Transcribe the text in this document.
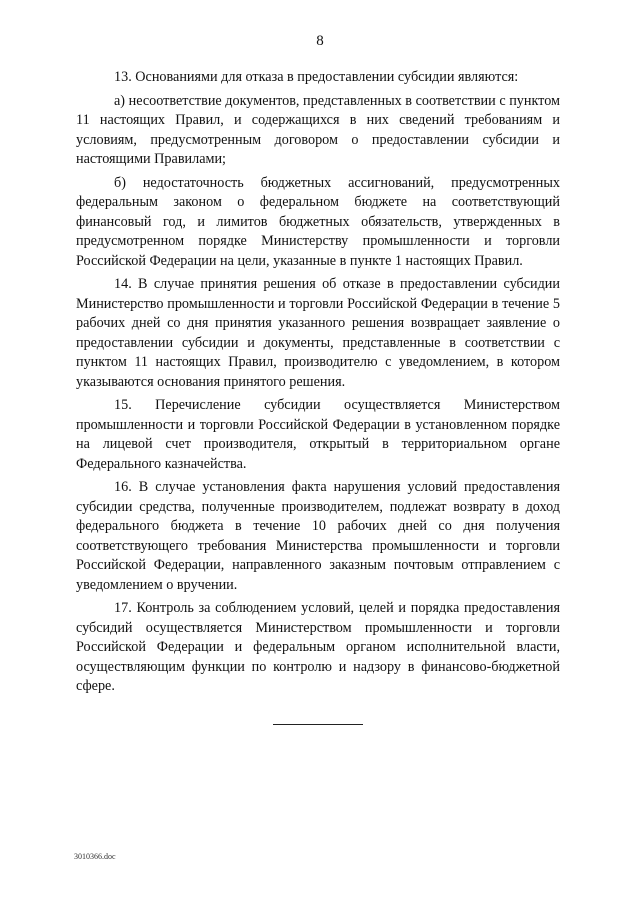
8

13. Основаниями для отказа в предоставлении субсидии являются:

а) несоответствие документов, представленных в соответствии с пунктом 11 настоящих Правил, и содержащихся в них сведений требованиям и условиям, предусмотренным договором о предоставлении субсидии и настоящими Правилами;

б) недостаточность бюджетных ассигнований, предусмотренных федеральным законом о федеральном бюджете на соответствующий финансовый год, и лимитов бюджетных обязательств, утвержденных в предусмотренном порядке Министерству промышленности и торговли Российской Федерации на цели, указанные в пункте 1 настоящих Правил.

14. В случае принятия решения об отказе в предоставлении субсидии Министерство промышленности и торговли Российской Федерации в течение 5 рабочих дней со дня принятия указанного решения возвращает заявление о предоставлении субсидии и документы, представленные в соответствии с пунктом 11 настоящих Правил, производителю с уведомлением, в котором указываются основания принятого решения.

15. Перечисление субсидии осуществляется Министерством промышленности и торговли Российской Федерации в установленном порядке на лицевой счет производителя, открытый в территориальном органе Федерального казначейства.

16. В случае установления факта нарушения условий предоставления субсидии средства, полученные производителем, подлежат возврату в доход федерального бюджета в течение 10 рабочих дней со дня получения соответствующего требования Министерства промышленности и торговли Российской Федерации, направленного заказным почтовым отправлением с уведомлением о вручении.

17. Контроль за соблюдением условий, целей и порядка предоставления субсидий осуществляется Министерством промышленности и торговли Российской Федерации и федеральным органом исполнительной власти, осуществляющим функции по контролю и надзору в финансово-бюджетной сфере.

3010366.doc
